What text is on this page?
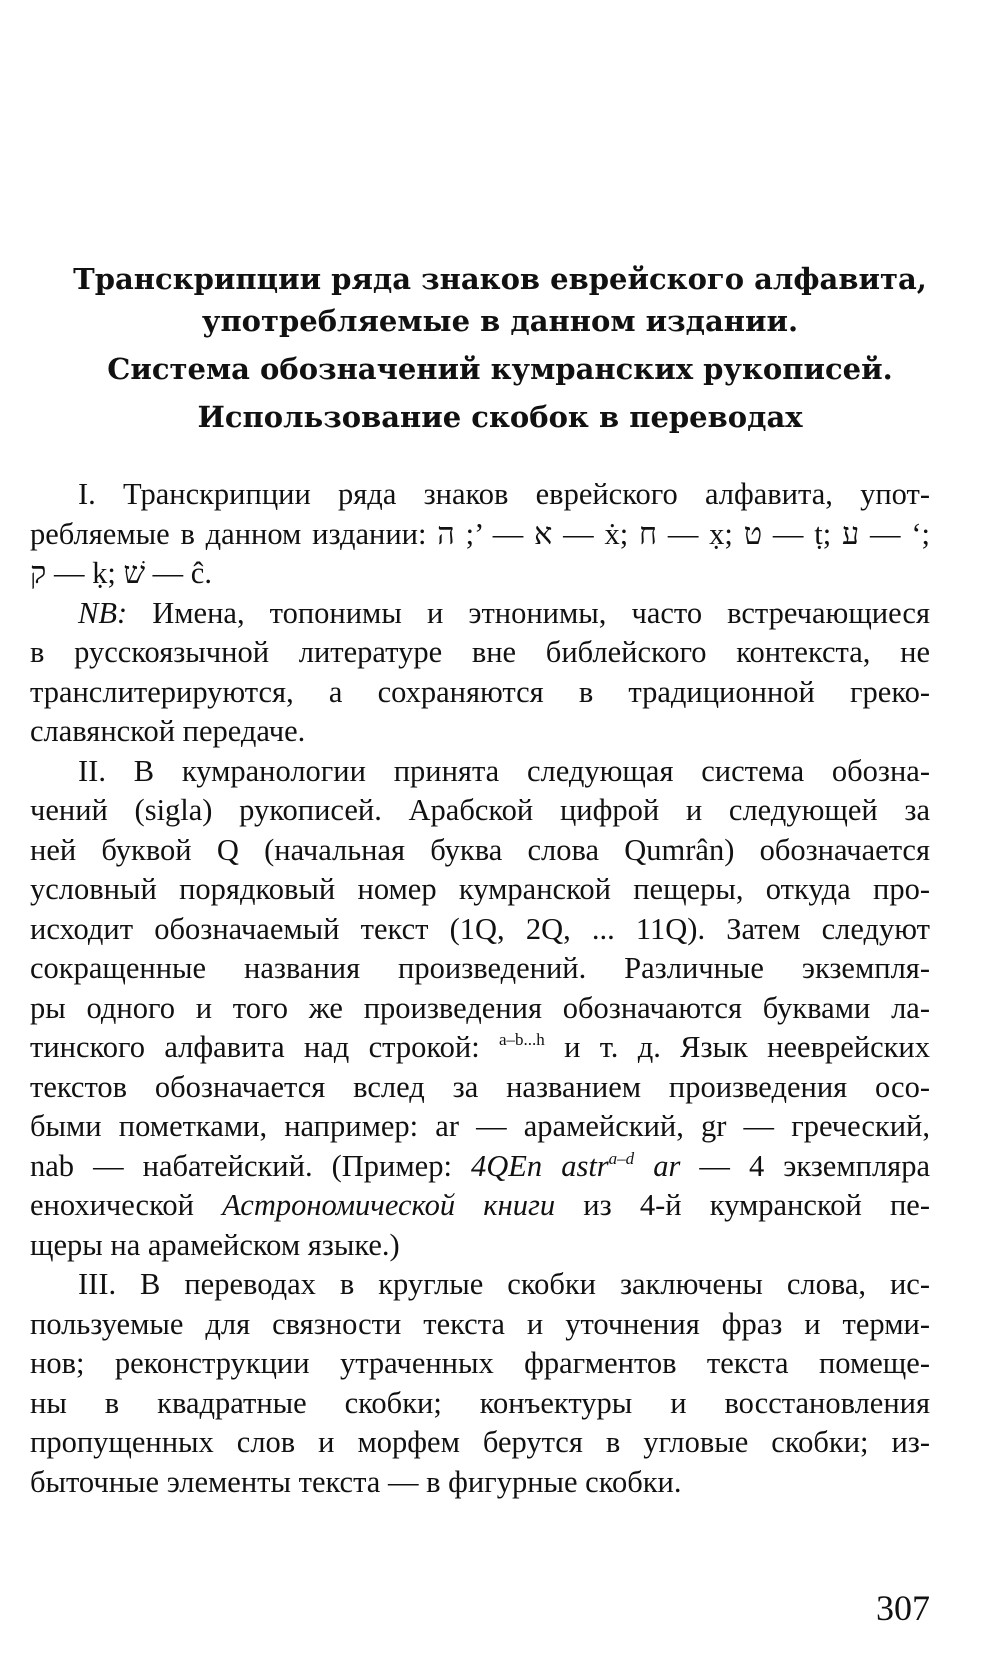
Транскрипции ряда знаков еврейского алфавита,
употребляемые в данном издании.
Система обозначений кумранских рукописей.
Использование скобок в переводах
I. Транскрипции ряда знаков еврейского алфавита, упот-
ребляемые в данном издании: א — ’; ה — ẋ; ח — x̣; ט — ṭ; ע — ‘;
ק — ḳ; שׁ — ĉ.
NB: Имена, топонимы и этнонимы, часто встречающиеся
в русскоязычной литературе вне библейского контекста, не
транслитерируются, а сохраняются в традиционной греко-
славянской передаче.
II. В кумранологии принята следующая система обозна-
чений (sigla) рукописей. Арабской цифрой и следующей за
ней буквой Q (начальная буква слова Qumrân) обозначается
условный порядковый номер кумранской пещеры, откуда про-
исходит обозначаемый текст (1Q, 2Q, ... 11Q). Затем следуют
сокращенные названия произведений. Различные экземпля-
ры одного и того же произведения обозначаются буквами ла-
тинского алфавита над строкой: $^{a-b...h}$ и т. д. Язык нееврейских
текстов обозначается вслед за названием произведения осо-
быми пометками, например: ar — арамейский, gr — греческий,
nab — набатейский. (Пример: 4QEn astr$^{a-d}$ ar — 4 экземпляра
енохической Астрономической книги из 4-й кумранской пе-
щеры на арамейском языке.)
III. В переводах в круглые скобки заключены слова, ис-
пользуемые для связности текста и уточнения фраз и терми-
нов; реконструкции утраченных фрагментов текста помеще-
ны в квадратные скобки; конъектуры и восстановления
пропущенных слов и морфем берутся в угловые скобки; из-
быточные элементы текста — в фигурные скобки.
307
